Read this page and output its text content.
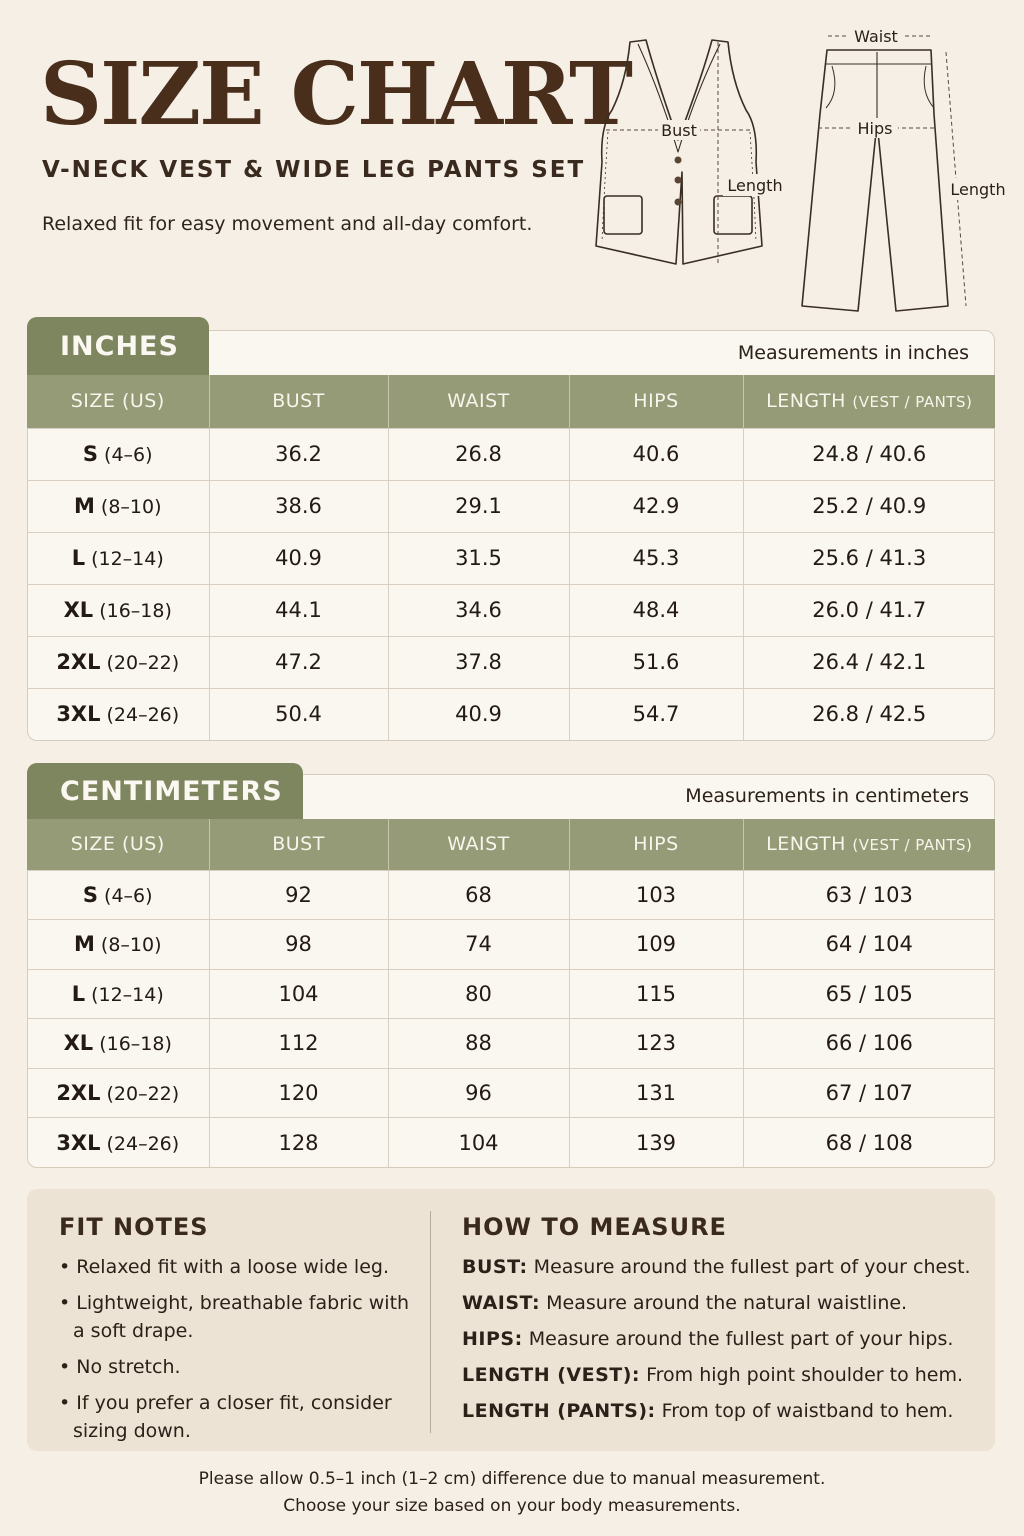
SIZE CHART
V-NECK VEST & WIDE LEG PANTS SET
Relaxed fit for easy movement and all-day comfort.
Bust
Length
Waist
Hips
Length
INCHES	Measurements in inches
SIZE (US)	BUST	WAIST	HIPS	LENGTH (VEST / PANTS)
S (4–6)	36.2	26.8	40.6	24.8 / 40.6
M (8–10)	38.6	29.1	42.9	25.2 / 40.9
L (12–14)	40.9	31.5	45.3	25.6 / 41.3
XL (16–18)	44.1	34.6	48.4	26.0 / 41.7
2XL (20–22)	47.2	37.8	51.6	26.4 / 42.1
3XL (24–26)	50.4	40.9	54.7	26.8 / 42.5
CENTIMETERS	Measurements in centimeters
SIZE (US)	BUST	WAIST	HIPS	LENGTH (VEST / PANTS)
S (4–6)	92	68	103	63 / 103
M (8–10)	98	74	109	64 / 104
L (12–14)	104	80	115	65 / 105
XL (16–18)	112	88	123	66 / 106
2XL (20–22)	120	96	131	67 / 107
3XL (24–26)	128	104	139	68 / 108
FIT NOTES
• Relaxed fit with a loose wide leg.
• Lightweight, breathable fabric with a soft drape.
• No stretch.
• If you prefer a closer fit, consider sizing down.
HOW TO MEASURE
BUST: Measure around the fullest part of your chest.
WAIST: Measure around the natural waistline.
HIPS: Measure around the fullest part of your hips.
LENGTH (VEST): From high point shoulder to hem.
LENGTH (PANTS): From top of waistband to hem.
Please allow 0.5–1 inch (1–2 cm) difference due to manual measurement.
Choose your size based on your body measurements.
